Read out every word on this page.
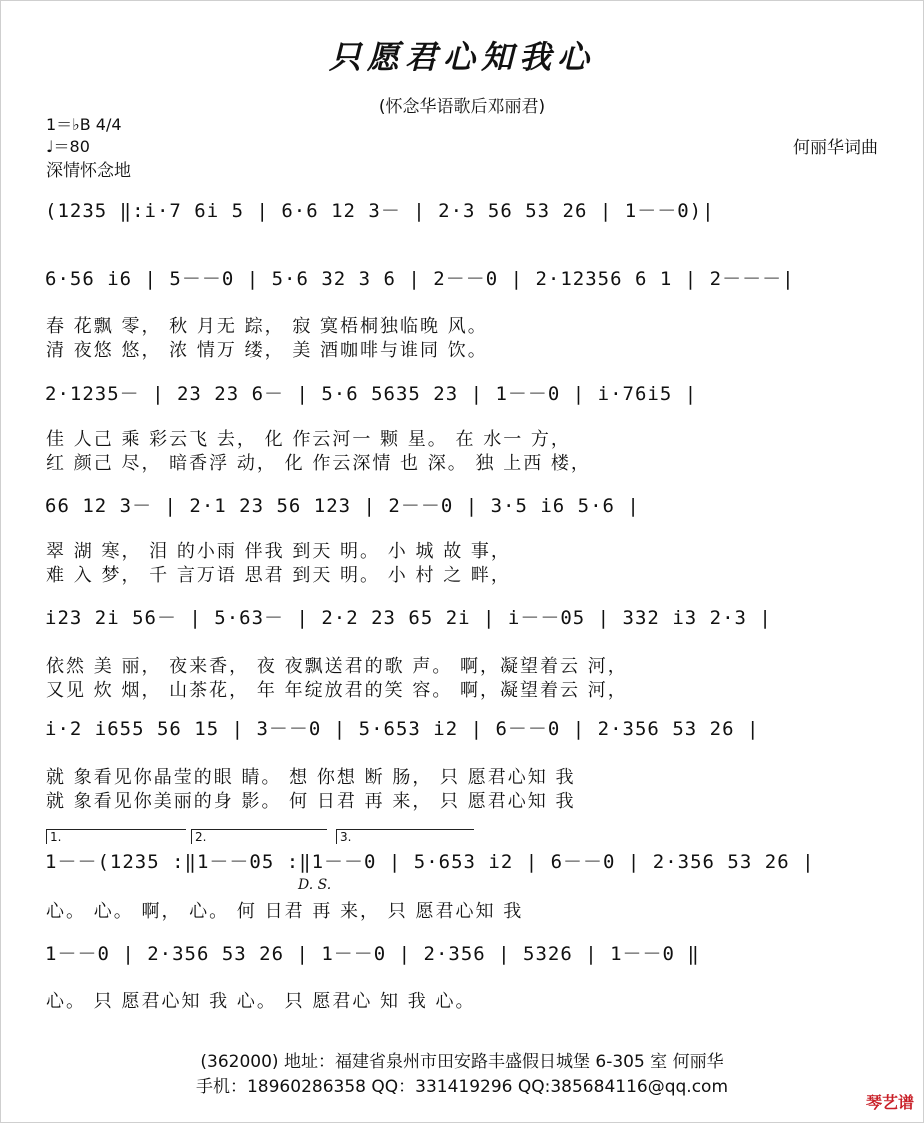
只愿君心知我心
(怀念华语歌后邓丽君)
1＝♭B 4/4
♩＝80
深情怀念地
何丽华词曲
(1235 ‖:i·7 6i 5 | 6·6 12 3－ | 2·3 56 53 26 | 1－－0)|
6·56 i6 | 5－－0 | 5·6 32 3 6 | 2－－0 | 2·12356 6 1 | 2－－－|
春 花飘 零， 秋 月无 踪， 寂 寞梧桐独临晚 风。
清 夜悠 悠， 浓 情万 缕， 美 酒咖啡与谁同 饮。
2·1235－ | 23 23 6－ | 5·6 5635 23 | 1－－0 | i·76i5 |
佳 人己 乘 彩云飞 去， 化 作云河一 颗 星。 在 水一 方，
红 颜己 尽， 暗香浮 动， 化 作云深情 也 深。 独 上西 楼，
66 12 3－ | 2·1 23 56 123 | 2－－0 | 3·5 i6 5·6 |
翠 湖 寒， 泪 的小雨 伴我 到天 明。 小 城 故 事，
难 入 梦， 千 言万语 思君 到天 明。 小 村 之 畔，
i23 2i 56－ | 5·63－ | 2·2 23 65 2i | i－－05 | 332 i3 2·3 |
依然 美 丽， 夜来香， 夜 夜飘送君的歌 声。 啊，凝望着云 河，
又见 炊 烟， 山茶花， 年 年绽放君的笑 容。 啊，凝望着云 河，
i·2 i655 56 15 | 3－－0 | 5·653 i2 | 6－－0 | 2·356 53 26 |
就 象看见你晶莹的眼 睛。 想 你想 断 肠， 只 愿君心知 我
就 象看见你美丽的身 影。 何 日君 再 来， 只 愿君心知 我
1.	2.	3.
1－－(1235 :‖1－－05 :‖1－－0 | 5·653 i2 | 6－－0 | 2·356 53 26 |
D. S.
心。 心。 啊， 心。 何 日君 再 来， 只 愿君心知 我
1－－0 | 2·356 53 26 | 1－－0 | 2·356 | 5326 | 1－－0 ‖
心。 只 愿君心知 我 心。 只 愿君心 知 我 心。
(362000) 地址：福建省泉州市田安路丰盛假日城堡 6-305 室 何丽华
手机：18960286358 QQ：331419296 QQ:385684116@qq.com
琴艺谱
